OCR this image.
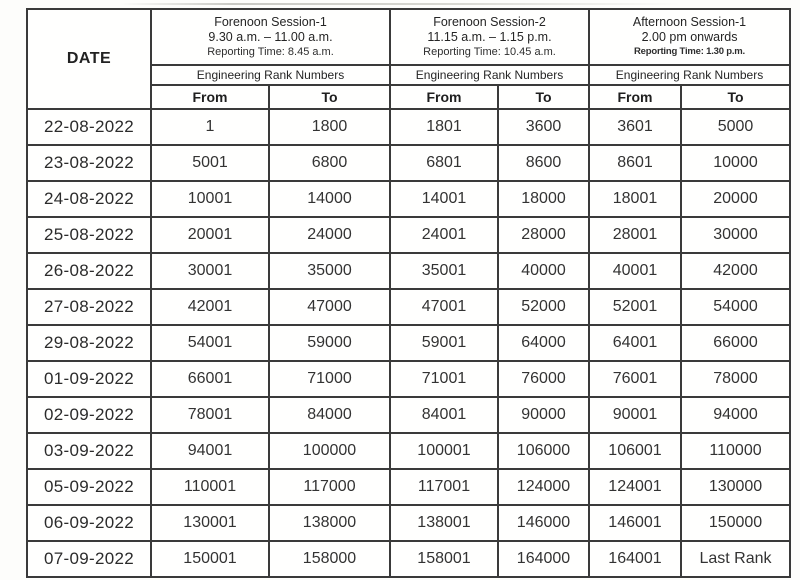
DATE	
Forenoon Session-1
9.30 a.m. – 11.00 a.m.
Reporting Time: 8.45 a.m.

Forenoon Session-2
11.15 a.m. – 1.15 p.m.
Reporting Time: 10.45 a.m.

Afternoon Session-1
2.00 pm onwards
Reporting Time: 1.30 p.m.

	Engineering Rank Numbers		Engineering Rank Numbers		Engineering Rank Numbers	
	From	To	From	To	From	To
22-08-2022	1	1800	1801	3600	3601	5000
23-08-2022	5001	6800	6801	8600	8601	10000
24-08-2022	10001	14000	14001	18000	18001	20000
25-08-2022	20001	24000	24001	28000	28001	30000
26-08-2022	30001	35000	35001	40000	40001	42000
27-08-2022	42001	47000	47001	52000	52001	54000
29-08-2022	54001	59000	59001	64000	64001	66000
01-09-2022	66001	71000	71001	76000	76001	78000
02-09-2022	78001	84000	84001	90000	90001	94000
03-09-2022	94001	100000	100001	106000	106001	110000
05-09-2022	110001	117000	117001	124000	124001	130000
06-09-2022	130001	138000	138001	146000	146001	150000
07-09-2022	150001	158000	158001	164000	164001	Last Rank
